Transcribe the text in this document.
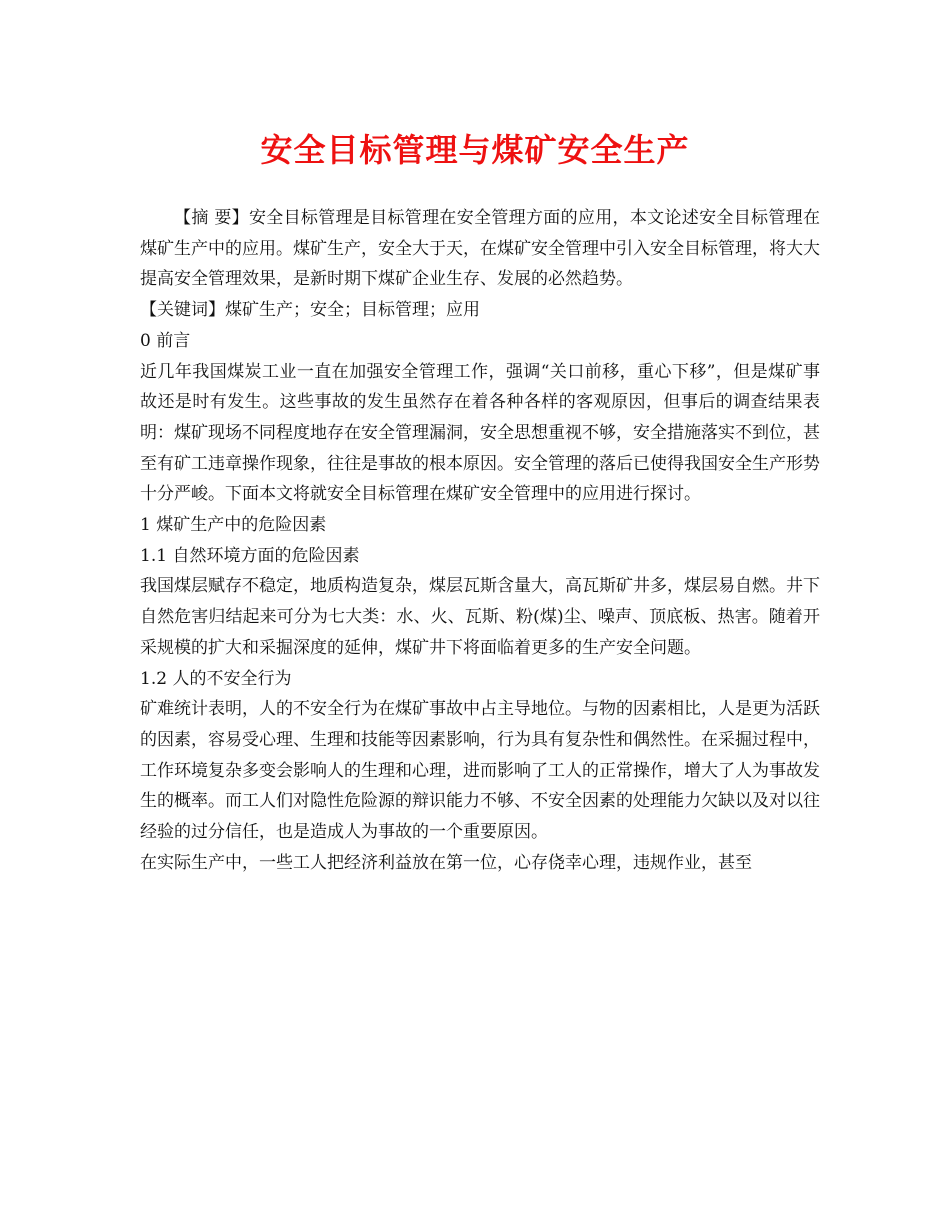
安全目标管理与煤矿安全生产

【摘 要】安全目标管理是目标管理在安全管理方面的应用，本文论述安全目标管理在煤矿生产中的应用。煤矿生产，安全大于天，在煤矿安全管理中引入安全目标管理，将大大提高安全管理效果，是新时期下煤矿企业生存、发展的必然趋势。

【关键词】煤矿生产；安全；目标管理；应用

0 前言

近几年我国煤炭工业一直在加强安全管理工作，强调“关口前移，重心下移”，但是煤矿事故还是时有发生。这些事故的发生虽然存在着各种各样的客观原因，但事后的调查结果表明：煤矿现场不同程度地存在安全管理漏洞，安全思想重视不够，安全措施落实不到位，甚至有矿工违章操作现象，往往是事故的根本原因。安全管理的落后已使得我国安全生产形势十分严峻。下面本文将就安全目标管理在煤矿安全管理中的应用进行探讨。

1 煤矿生产中的危险因素

1.1 自然环境方面的危险因素

我国煤层赋存不稳定，地质构造复杂，煤层瓦斯含量大，高瓦斯矿井多，煤层易自燃。井下自然危害归结起来可分为七大类：水、火、瓦斯、粉(煤)尘、噪声、顶底板、热害。随着开采规模的扩大和采掘深度的延伸，煤矿井下将面临着更多的生产安全问题。

1.2 人的不安全行为

矿难统计表明，人的不安全行为在煤矿事故中占主导地位。与物的因素相比，人是更为活跃的因素，容易受心理、生理和技能等因素影响，行为具有复杂性和偶然性。在采掘过程中，工作环境复杂多变会影响人的生理和心理，进而影响了工人的正常操作，增大了人为事故发生的概率。而工人们对隐性危险源的辩识能力不够、不安全因素的处理能力欠缺以及对以往经验的过分信任，也是造成人为事故的一个重要原因。

在实际生产中，一些工人把经济利益放在第一位，心存侥幸心理，违规作业，甚至
